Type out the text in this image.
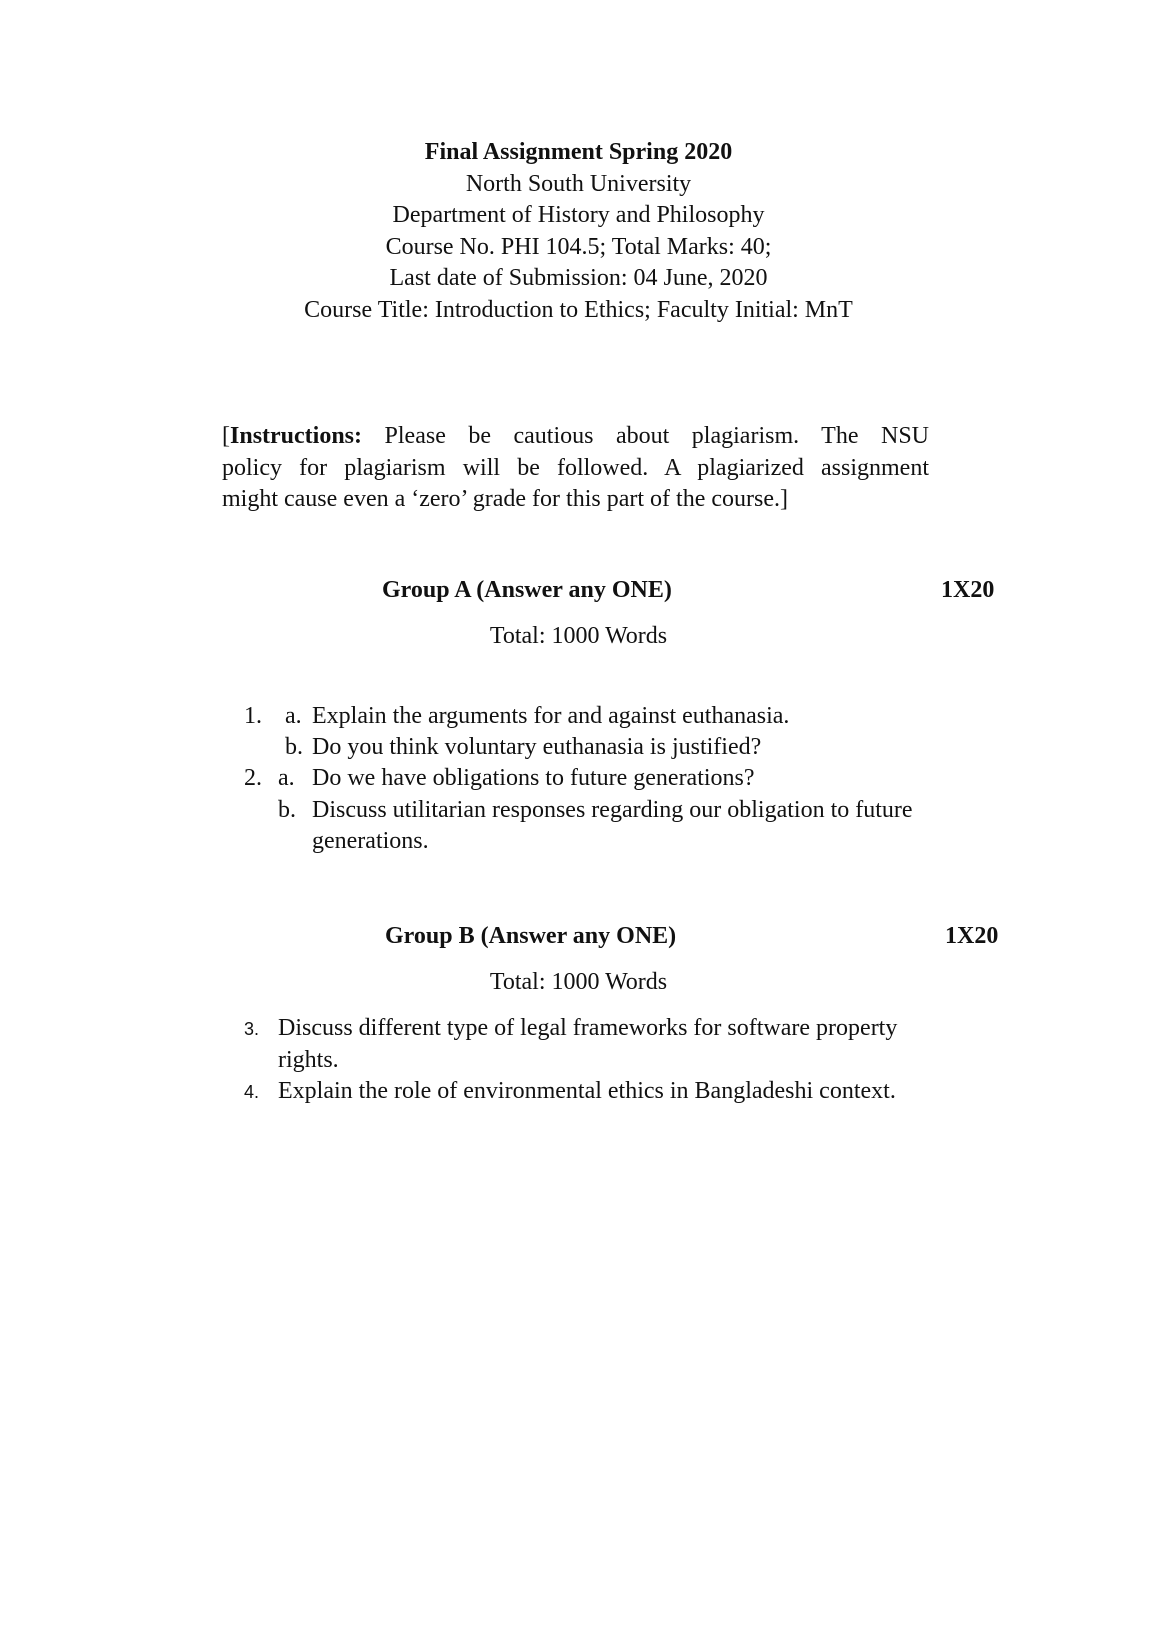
Final Assignment Spring 2020
North South University
Department of History and Philosophy
Course No. PHI 104.5; Total Marks: 40;
Last date of Submission: 04 June, 2020
Course Title: Introduction to Ethics; Faculty Initial: MnT
[Instructions: Please be cautious about plagiarism. The NSU
policy for plagiarism will be followed. A plagiarized assignment
might cause even a ‘zero’ grade for this part of the course.]
Group A (Answer any ONE)	1X20
Total: 1000 Words
1. a. Explain the arguments for and against euthanasia.
b. Do you think voluntary euthanasia is justified?
2. a. Do we have obligations to future generations?
b. Discuss utilitarian responses regarding our obligation to future
generations.
Group B (Answer any ONE)	1X20
Total: 1000 Words
3. Discuss different type of legal frameworks for software property
rights.
4. Explain the role of environmental ethics in Bangladeshi context.
